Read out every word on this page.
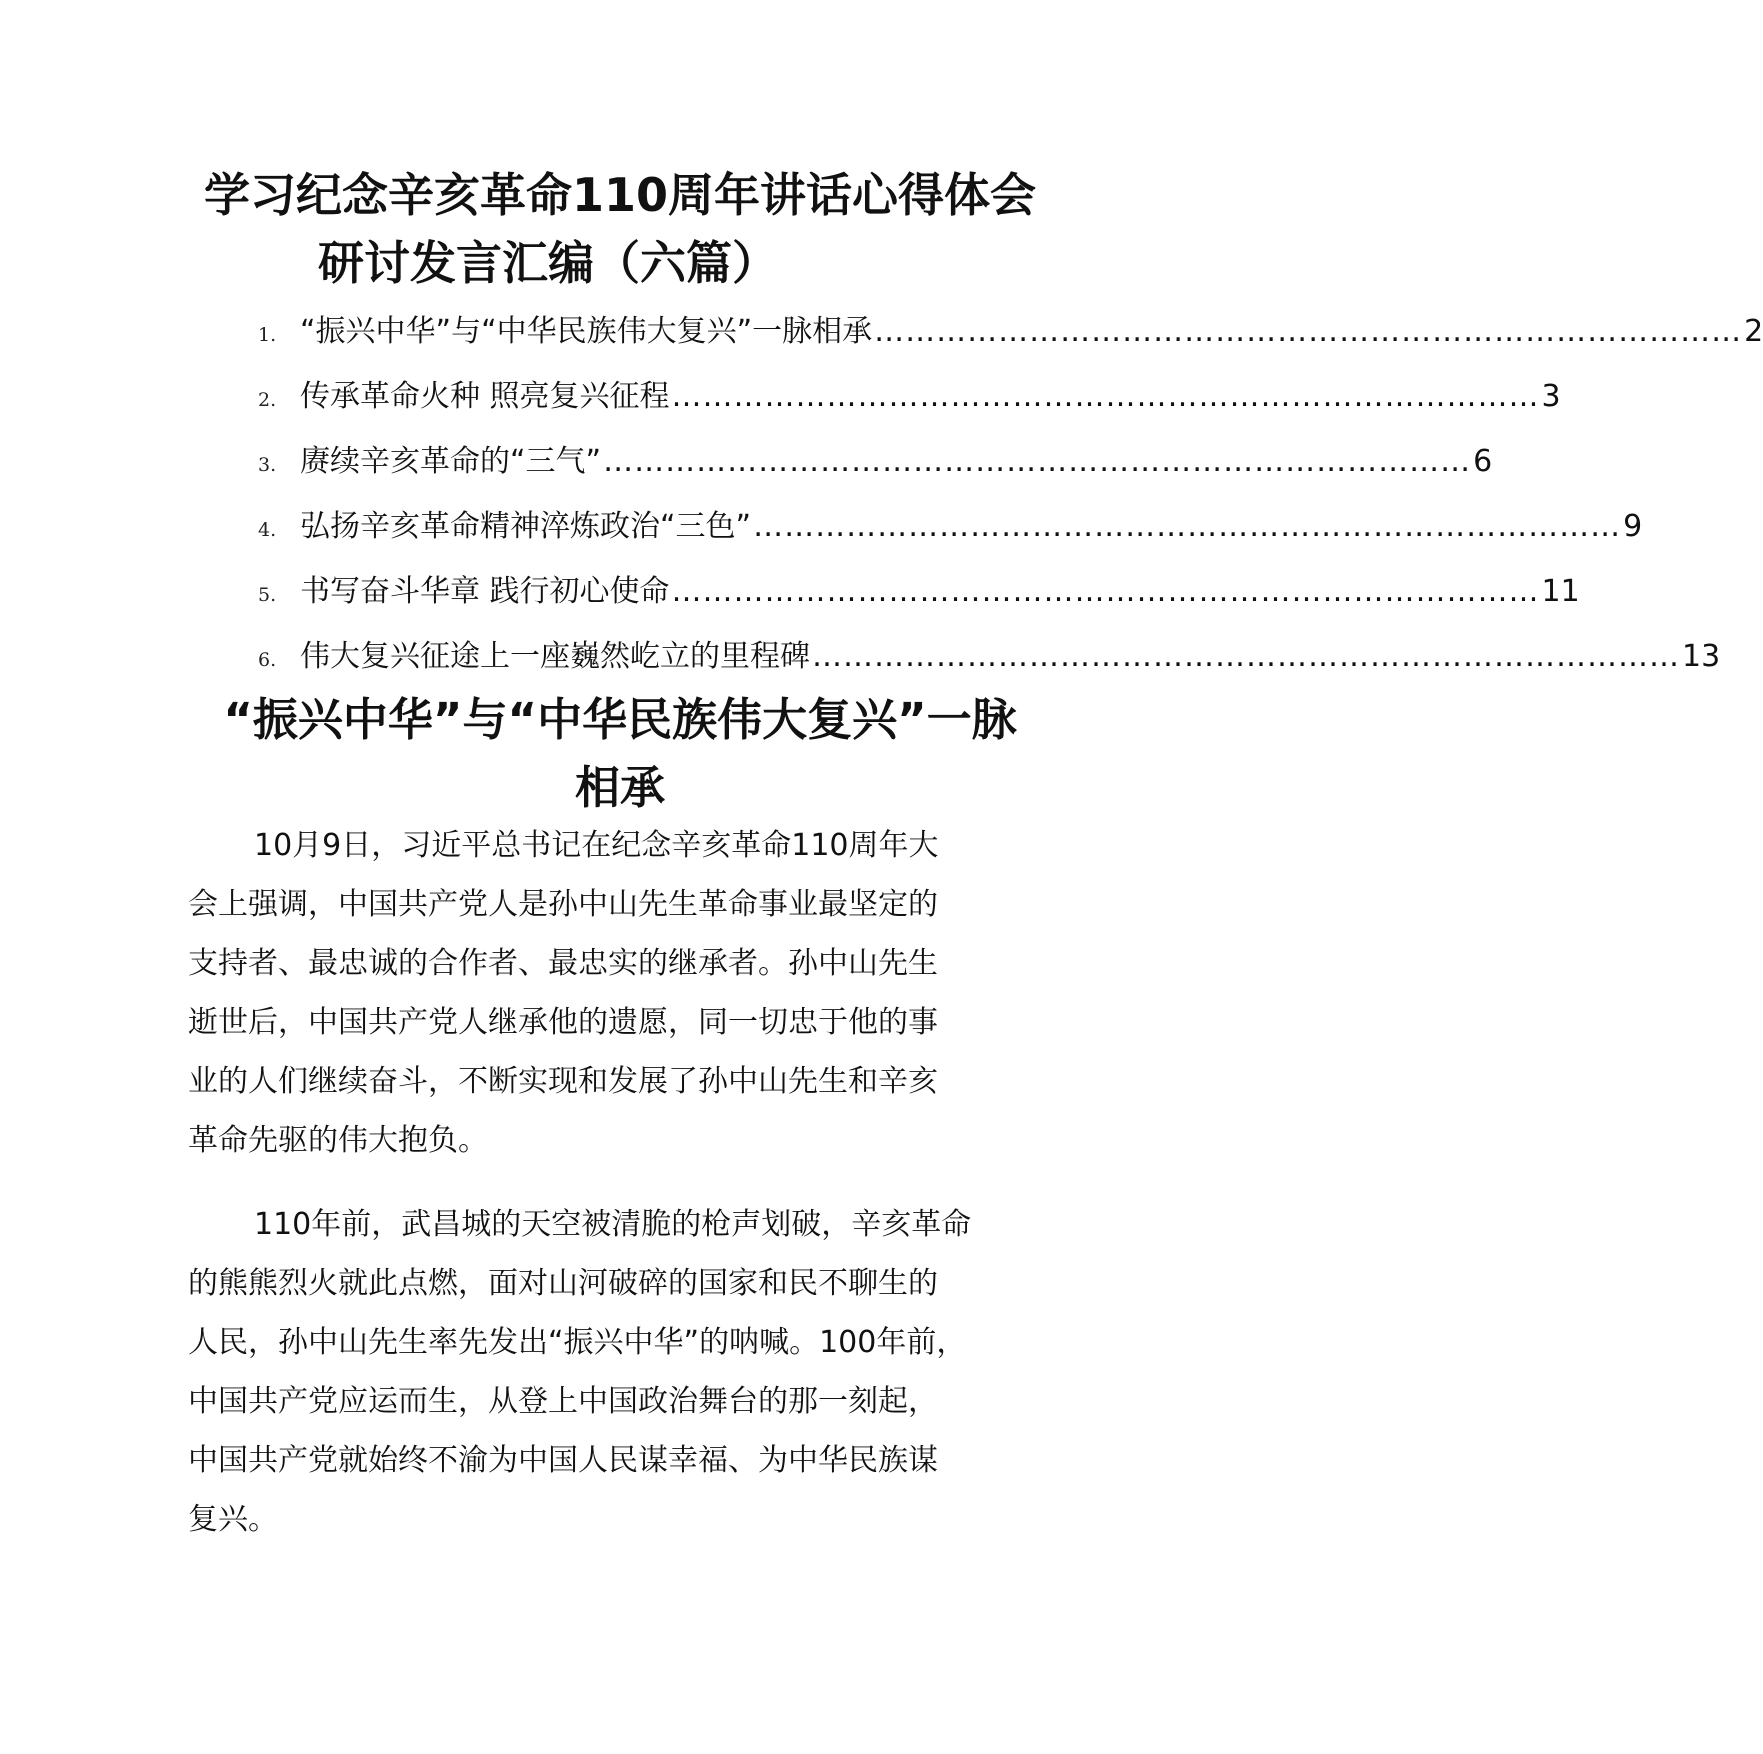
学习纪念辛亥革命110周年讲话心得体会
研讨发言汇编（六篇）
1. “振兴中华”与“中华民族伟大复兴”一脉相承 ………………………………………………………………………… 2
2. 传承革命火种 照亮复兴征程 ………………………………………………………………………… 3
3. 赓续辛亥革命的“三气” ………………………………………………………………………… 6
4. 弘扬辛亥革命精神淬炼政治“三色” ………………………………………………………………………… 9
5. 书写奋斗华章 践行初心使命 ………………………………………………………………………… 11
6. 伟大复兴征途上一座巍然屹立的里程碑 ………………………………………………………………………… 13
“振兴中华”与“中华民族伟大复兴”一脉
相承

10月9日，习近平总书记在纪念辛亥革命110周年大

会上强调，中国共产党人是孙中山先生革命事业最坚定的

支持者、最忠诚的合作者、最忠实的继承者。孙中山先生

逝世后，中国共产党人继承他的遗愿，同一切忠于他的事

业的人们继续奋斗，不断实现和发展了孙中山先生和辛亥

革命先驱的伟大抱负。

110年前，武昌城的天空被清脆的枪声划破，辛亥革命

的熊熊烈火就此点燃，面对山河破碎的国家和民不聊生的

人民，孙中山先生率先发出“振兴中华”的呐喊。100年前，

中国共产党应运而生，从登上中国政治舞台的那一刻起，

中国共产党就始终不渝为中国人民谋幸福、为中华民族谋

复兴。
